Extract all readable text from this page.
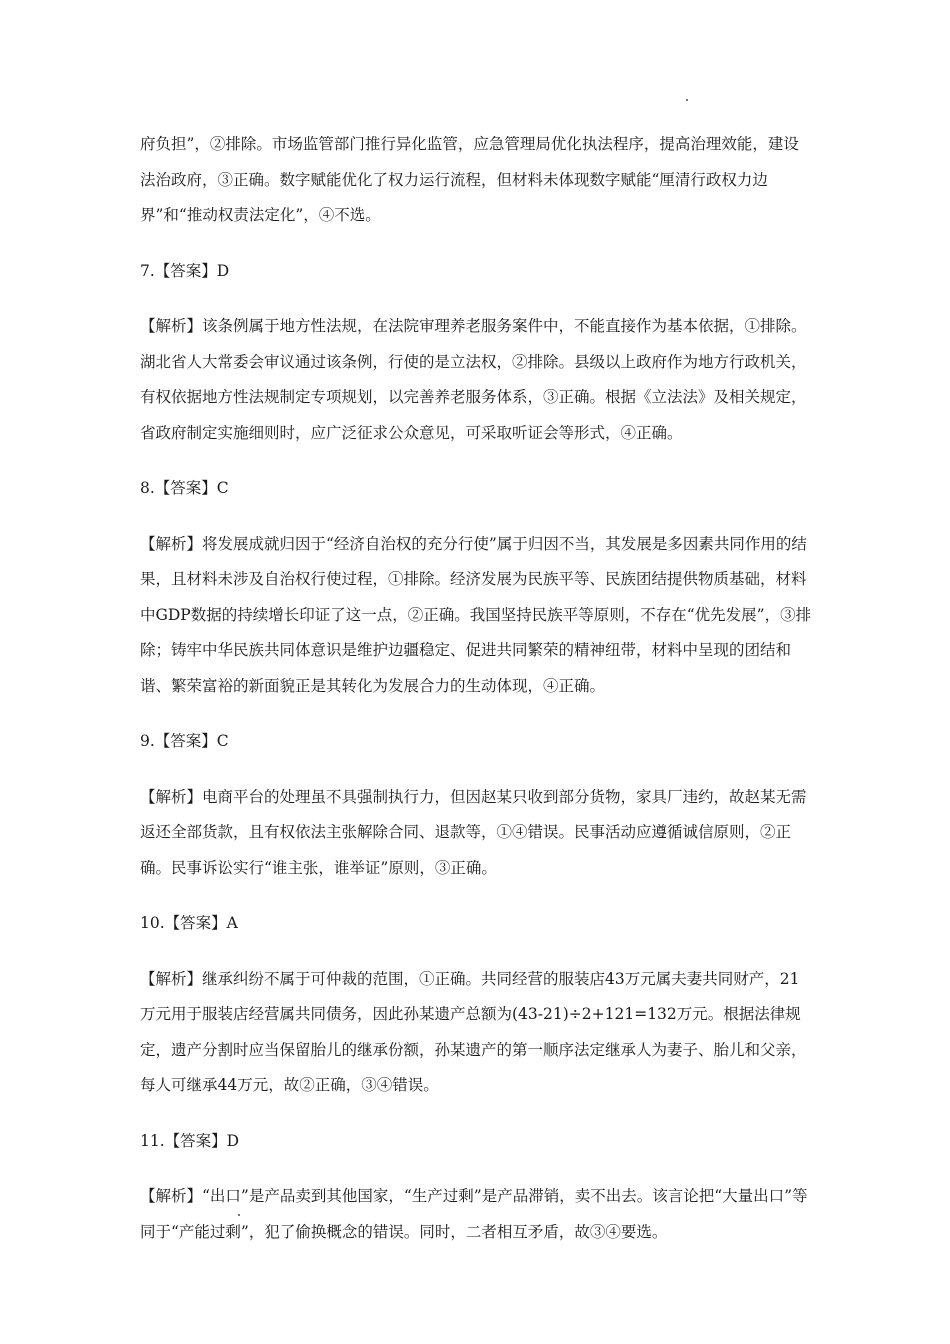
府负担”，②排除。市场监管部门推行异化监管，应急管理局优化执法程序，提高治理效能，建设法治政府，③正确。数字赋能优化了权力运行流程，但材料未体现数字赋能“厘清行政权力边界”和“推动权责法定化”，④不选。

7.【答案】D

【解析】该条例属于地方性法规，在法院审理养老服务案件中，不能直接作为基本依据，①排除。湖北省人大常委会审议通过该条例，行使的是立法权，②排除。县级以上政府作为地方行政机关，有权依据地方性法规制定专项规划，以完善养老服务体系，③正确。根据《立法法》及相关规定，省政府制定实施细则时，应广泛征求公众意见，可采取听证会等形式，④正确。

8.【答案】C

【解析】将发展成就归因于“经济自治权的充分行使”属于归因不当，其发展是多因素共同作用的结果，且材料未涉及自治权行使过程，①排除。经济发展为民族平等、民族团结提供物质基础，材料中GDP数据的持续增长印证了这一点，②正确。我国坚持民族平等原则，不存在“优先发展”，③排除；铸牢中华民族共同体意识是维护边疆稳定、促进共同繁荣的精神纽带，材料中呈现的团结和谐、繁荣富裕的新面貌正是其转化为发展合力的生动体现，④正确。

9.【答案】C

【解析】电商平台的处理虽不具强制执行力，但因赵某只收到部分货物，家具厂违约，故赵某无需返还全部货款，且有权依法主张解除合同、退款等，①④错误。民事活动应遵循诚信原则，②正确。民事诉讼实行“谁主张，谁举证”原则，③正确。

10.【答案】A

【解析】继承纠纷不属于可仲裁的范围，①正确。共同经营的服装店43万元属夫妻共同财产，21万元用于服装店经营属共同债务，因此孙某遗产总额为(43-21)÷2+121=132万元。根据法律规定，遗产分割时应当保留胎儿的继承份额，孙某遗产的第一顺序法定继承人为妻子、胎儿和父亲，每人可继承44万元，故②正确，③④错误。

11.【答案】D

【解析】“出口”是产品卖到其他国家，“生产过剩”是产品滞销，卖不出去。该言论把“大量出口”等同于“产能过剩”，犯了偷换概念的错误。同时，二者相互矛盾，故③④要选。
